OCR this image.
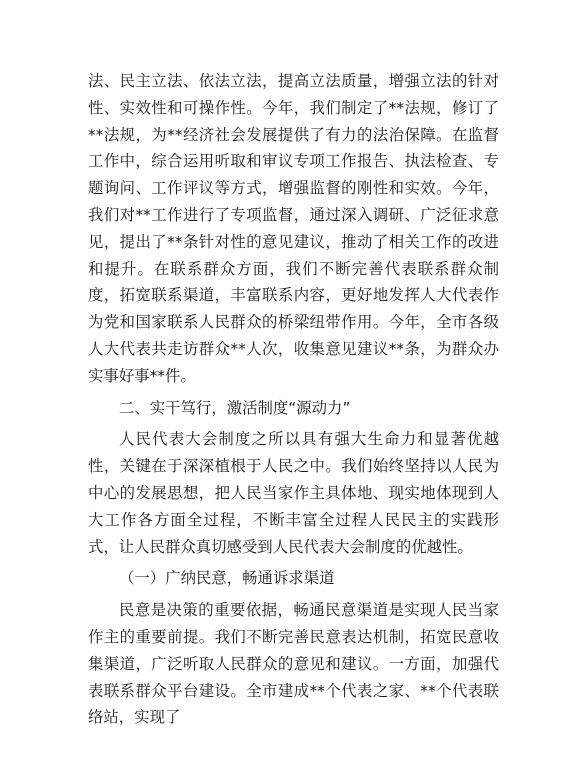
法、民主立法、依法立法，提高立法质量，增强立法的针对性、实效性和可操作性。今年，我们制定了**法规，修订了**法规，为**经济社会发展提供了有力的法治保障。在监督工作中，综合运用听取和审议专项工作报告、执法检查、专题询问、工作评议等方式，增强监督的刚性和实效。今年，我们对**工作进行了专项监督，通过深入调研、广泛征求意见，提出了**条针对性的意见建议，推动了相关工作的改进和提升。在联系群众方面，我们不断完善代表联系群众制度，拓宽联系渠道，丰富联系内容，更好地发挥人大代表作为党和国家联系人民群众的桥梁纽带作用。今年，全市各级人大代表共走访群众**人次，收集意见建议**条，为群众办实事好事**件。

二、实干笃行，激活制度“源动力”

人民代表大会制度之所以具有强大生命力和显著优越性，关键在于深深植根于人民之中。我们始终坚持以人民为中心的发展思想，把人民当家作主具体地、现实地体现到人大工作各方面全过程，不断丰富全过程人民民主的实践形式，让人民群众真切感受到人民代表大会制度的优越性。

（一）广纳民意，畅通诉求渠道

民意是决策的重要依据，畅通民意渠道是实现人民当家作主的重要前提。我们不断完善民意表达机制，拓宽民意收集渠道，广泛听取人民群众的意见和建议。一方面，加强代表联系群众平台建设。全市建成**个代表之家、**个代表联络站，实现了
